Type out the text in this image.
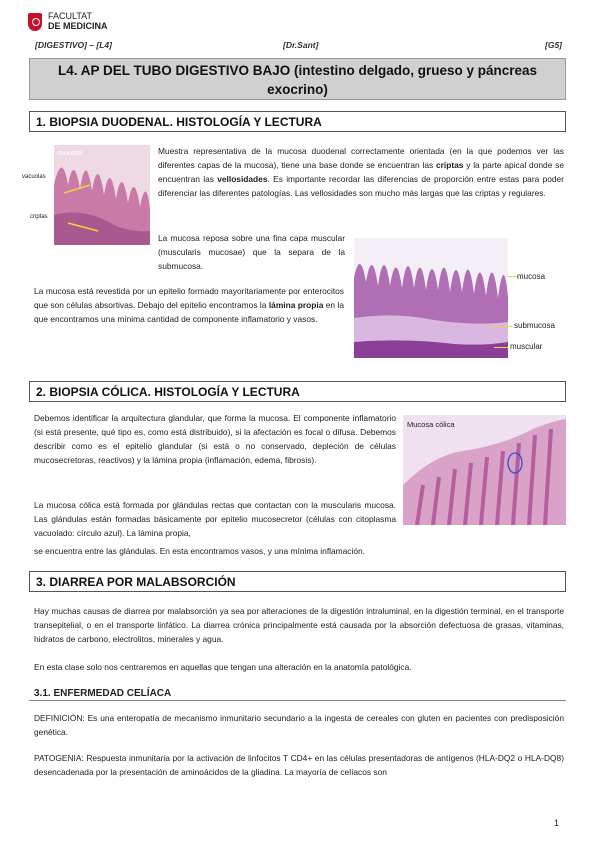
FACULTAT
DE MEDICINA
[DIGESTIVO] – [L4]	[Dr.Sant]	[G5]
L4. AP DEL TUBO DIGESTIVO BAJO (intestino delgado, grueso y páncreas exocrino)
1. BIOPSIA DUODENAL. HISTOLOGÍA Y LECTURA
mucosa
vacuolas
criptas
Muestra representativa de la mucosa duodenal correctamente orientada (en la que podemos ver las diferentes capas de la mucosa), tiene una base donde se encuentran las criptas y la parte apical donde se encuentran las vellosidades. Es importante recordar las diferencias de proporción entre estas para poder diferenciar las diferentes patologías. Las vellosidades son mucho más largas que las criptas y regulares.
La mucosa reposa sobre una fina capa muscular (muscularis mucosae) que la separa de la submucosa.
mucosa
submucosa
muscular
La mucosa está revestida por un epitelio formado mayoritariamente por enterocitos que son células absortivas. Debajo del epitelio encontramos la lámina propia en la que encontramos una mínima cantidad de componente inflamatorio y vasos.
2. BIOPSIA CÓLICA. HISTOLOGÍA Y LECTURA
Debemos identificar la arquitectura glandular, que forma la mucosa. El componente inflamatorio (si está presente, qué tipo es, como está distribuido), si la afectación es focal o difusa. Debemos describir como es el epitelio glandular (si está o no conservado, depleción de células mucosecretoras, reactivos) y la lámina propia (inflamación, edema, fibrosis).
Mucosa cólica
La mucosa cólica está formada por glándulas rectas que contactan con la muscularis mucosa. Las glándulas están formadas básicamente por epitelio mucosecretor (células con citoplasma vacuolado: círculo azul). La lámina propia,
se encuentra entre las glándulas. En esta encontramos vasos, y una mínima inflamación.
3. DIARREA POR MALABSORCIÓN
Hay muchas causas de diarrea por malabsorción ya sea por alteraciones de la digestión intraluminal, en la digestión terminal, en el transporte transepitelial, o en el transporte linfático. La diarrea crónica principalmente está causada por la absorción defectuosa de grasas, vitaminas, hidratos de carbono, electrolitos, minerales y agua.
En esta clase solo nos centraremos en aquellas que tengan una alteración en la anatomía patológica.
3.1. ENFERMEDAD CELÍACA
DEFINICIÓN: Es una enteropatía de mecanismo inmunitario secundario a la ingesta de cereales con gluten en pacientes con predisposición genética.
PATOGENIA: Respuesta inmunitaria por la activación de linfocitos T CD4+ en las células presentadoras de antígenos (HLA-DQ2 o HLA-DQ8) desencadenada por la presentación de aminoácidos de la gliadina. La mayoría de celíacos son
1
